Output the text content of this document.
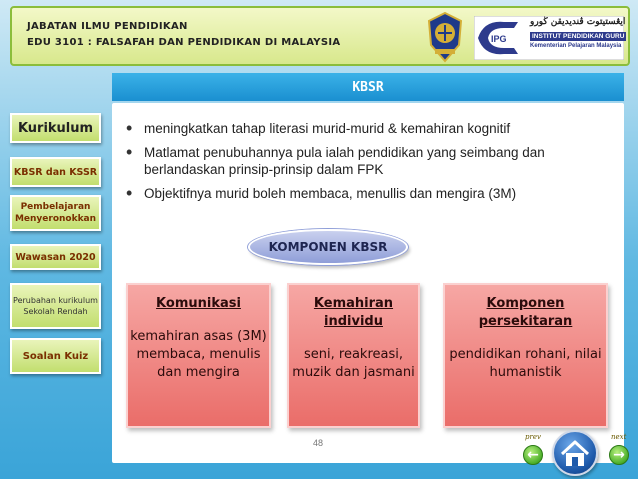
JABATAN ILMU PENDIDIKAN
EDU 3101 : FALSAFAH DAN PENDIDIKAN DI MALAYSIA	IPG
ايڠستيتوت ڤنديديقن ڬورو
INSTITUT PENDIDIKAN GURU
Kementerian Pelajaran Malaysia
KBSR
• meningkatkan tahap literasi murid-murid & kemahiran kognitif
• Matlamat penubuhannya pula ialah pendidikan yang seimbang dan berlandaskan prinsip-prinsip dalam FPK
• Objektifnya murid boleh membaca, menullis dan mengira (3M)
KOMPONEN KBSR
Komunikasi
kemahiran asas (3M) membaca, menulis dan mengira
Kemahiran individu
seni, reakreasi, muzik dan jasmani
Komponen persekitaran
pendidikan rohani, nilai humanistik
48
Kurikulum
KBSR dan KSSR
Pembelajaran Menyeronokkan
Wawasan 2020
Perubahan kurikulum Sekolah Rendah
Soalan Kuiz
prev
←
next
→
